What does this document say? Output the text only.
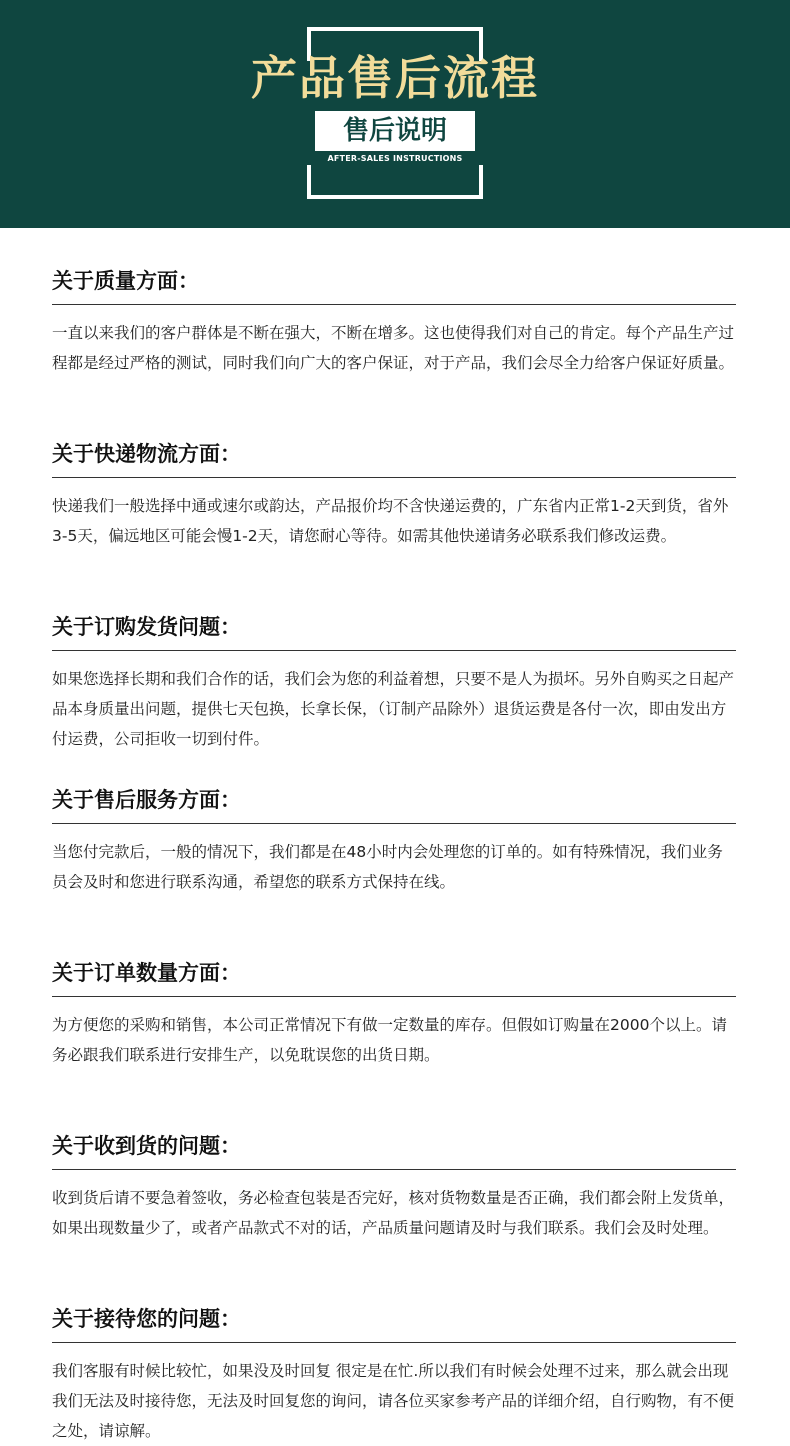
产品售后流程
售后说明
AFTER-SALES INSTRUCTIONS
关于质量方面：

一直以来我们的客户群体是不断在强大，不断在增多。这也使得我们对自己的肯定。每个产品生产过程都是经过严格的测试，同时我们向广大的客户保证，对于产品，我们会尽全力给客户保证好质量。

关于快递物流方面：

快递我们一般选择中通或速尔或韵达，产品报价均不含快递运费的，广东省内正常1-2天到货，省外3-5天，偏远地区可能会慢1-2天，请您耐心等待。如需其他快递请务必联系我们修改运费。

关于订购发货问题：

如果您选择长期和我们合作的话，我们会为您的利益着想，只要不是人为损坏。另外自购买之日起产品本身质量出问题，提供七天包换，长拿长保，（订制产品除外）退货运费是各付一次，即由发出方付运费，公司拒收一切到付件。

关于售后服务方面：

当您付完款后，一般的情况下，我们都是在48小时内会处理您的订单的。如有特殊情况，我们业务员会及时和您进行联系沟通，希望您的联系方式保持在线。

关于订单数量方面：

为方便您的采购和销售，本公司正常情况下有做一定数量的库存。但假如订购量在2000个以上。请务必跟我们联系进行安排生产，以免耽误您的出货日期。

关于收到货的问题：

收到货后请不要急着签收，务必检查包装是否完好，核对货物数量是否正确，我们都会附上发货单，如果出现数量少了，或者产品款式不对的话，产品质量问题请及时与我们联系。我们会及时处理。

关于接待您的问题：

我们客服有时候比较忙，如果没及时回复 很定是在忙.所以我们有时候会处理不过来，那么就会出现我们无法及时接待您，无法及时回复您的询问，请各位买家参考产品的详细介绍，自行购物，有不便之处，请谅解。
